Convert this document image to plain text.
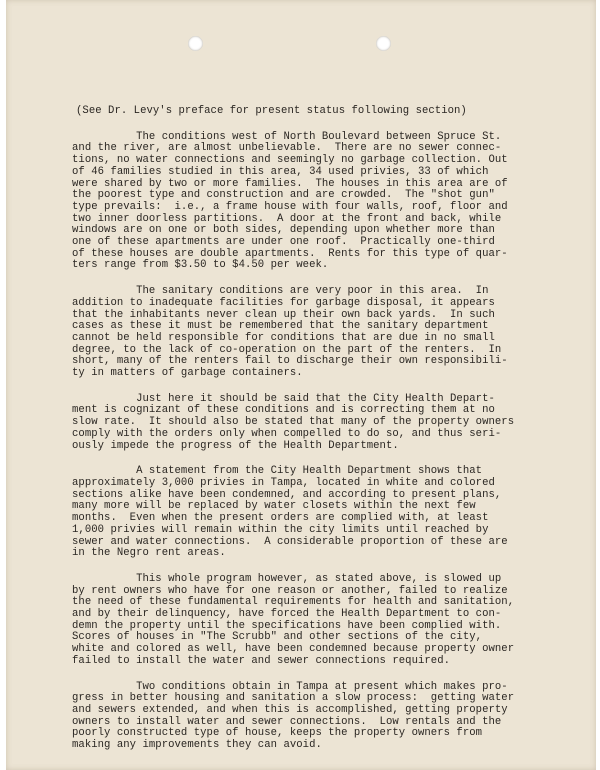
(See Dr. Levy's preface for present status following section)
The conditions west of North Boulevard between Spruce St.
and the river, are almost unbelievable.  There are no sewer connec-
tions, no water connections and seemingly no garbage collection. Out
of 46 families studied in this area, 34 used privies, 33 of which
were shared by two or more families.  The houses in this area are of
the poorest type and construction and are crowded.  The "shot gun"
type prevails:  i.e., a frame house with four walls, roof, floor and
two inner doorless partitions.  A door at the front and back, while
windows are on one or both sides, depending upon whether more than
one of these apartments are under one roof.  Practically one-third
of these houses are double apartments.  Rents for this type of quar-
ters range from $3.50 to $4.50 per week.
The sanitary conditions are very poor in this area.  In
addition to inadequate facilities for garbage disposal, it appears
that the inhabitants never clean up their own back yards.  In such
cases as these it must be remembered that the sanitary department
cannot be held responsible for conditions that are due in no small
degree, to the lack of co-operation on the part of the renters.  In
short, many of the renters fail to discharge their own responsibili-
ty in matters of garbage containers.
Just here it should be said that the City Health Depart-
ment is cognizant of these conditions and is correcting them at no
slow rate.  It should also be stated that many of the property owners
comply with the orders only when compelled to do so, and thus seri-
ously impede the progress of the Health Department.
A statement from the City Health Department shows that
approximately 3,000 privies in Tampa, located in white and colored
sections alike have been condemned, and according to present plans,
many more will be replaced by water closets within the next few
months.  Even when the present orders are complied with, at least
1,000 privies will remain within the city limits until reached by
sewer and water connections.  A considerable proportion of these are
in the Negro rent areas.
This whole program however, as stated above, is slowed up
by rent owners who have for one reason or another, failed to realize
the need of these fundamental requirements for health and sanitation,
and by their delinquency, have forced the Health Department to con-
demn the property until the specifications have been complied with.
Scores of houses in "The Scrubb" and other sections of the city,
white and colored as well, have been condemned because property owner
failed to install the water and sewer connections required.
Two conditions obtain in Tampa at present which makes pro-
gress in better housing and sanitation a slow process:  getting water
and sewers extended, and when this is accomplished, getting property
owners to install water and sewer connections.  Low rentals and the
poorly constructed type of house, keeps the property owners from
making any improvements they can avoid.
